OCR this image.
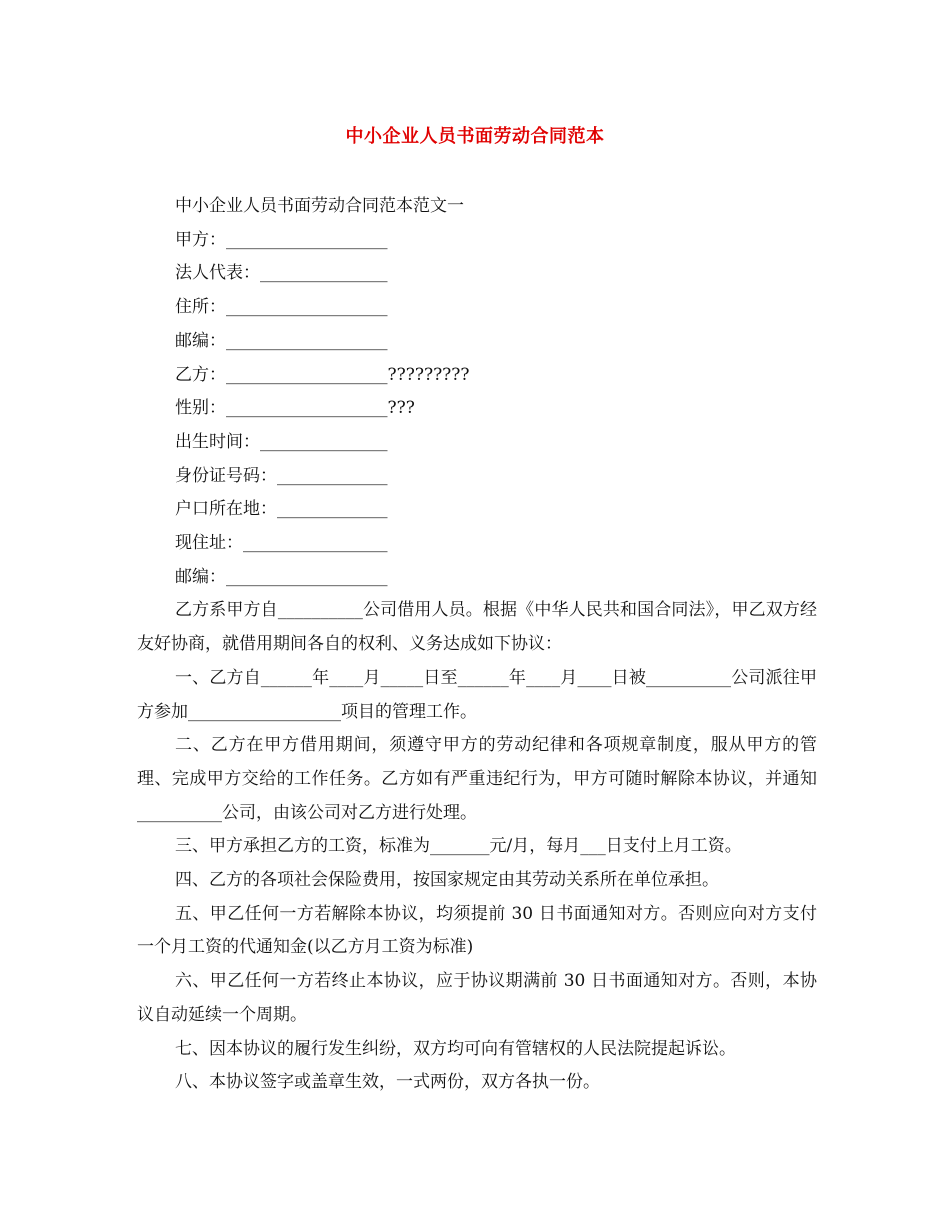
中小企业人员书面劳动合同范本
中小企业人员书面劳动合同范本范文一
甲方：___________________
法人代表：_______________
住所：___________________
邮编：___________________
乙方：___________________?????????
性别：___________________???
出生时间：_______________
身份证号码：_____________
户口所在地：_____________
现住址：_________________
邮编：___________________
乙方系甲方自__________公司借用人员。根据《中华人民共和国合同法》，甲乙双方经友好协商，就借用期间各自的权利、义务达成如下协议：
一、乙方自______年____月_____日至______年____月____日被__________公司派往甲方参加__________________项目的管理工作。
二、乙方在甲方借用期间，须遵守甲方的劳动纪律和各项规章制度，服从甲方的管理、完成甲方交给的工作任务。乙方如有严重违纪行为，甲方可随时解除本协议，并通知__________公司，由该公司对乙方进行处理。
三、甲方承担乙方的工资，标准为_______元/月，每月___日支付上月工资。
四、乙方的各项社会保险费用，按国家规定由其劳动关系所在单位承担。
五、甲乙任何一方若解除本协议，均须提前 30 日书面通知对方。否则应向对方支付一个月工资的代通知金(以乙方月工资为标准)
六、甲乙任何一方若终止本协议，应于协议期满前 30 日书面通知对方。否则，本协议自动延续一个周期。
七、因本协议的履行发生纠纷，双方均可向有管辖权的人民法院提起诉讼。
八、本协议签字或盖章生效，一式两份，双方各执一份。
